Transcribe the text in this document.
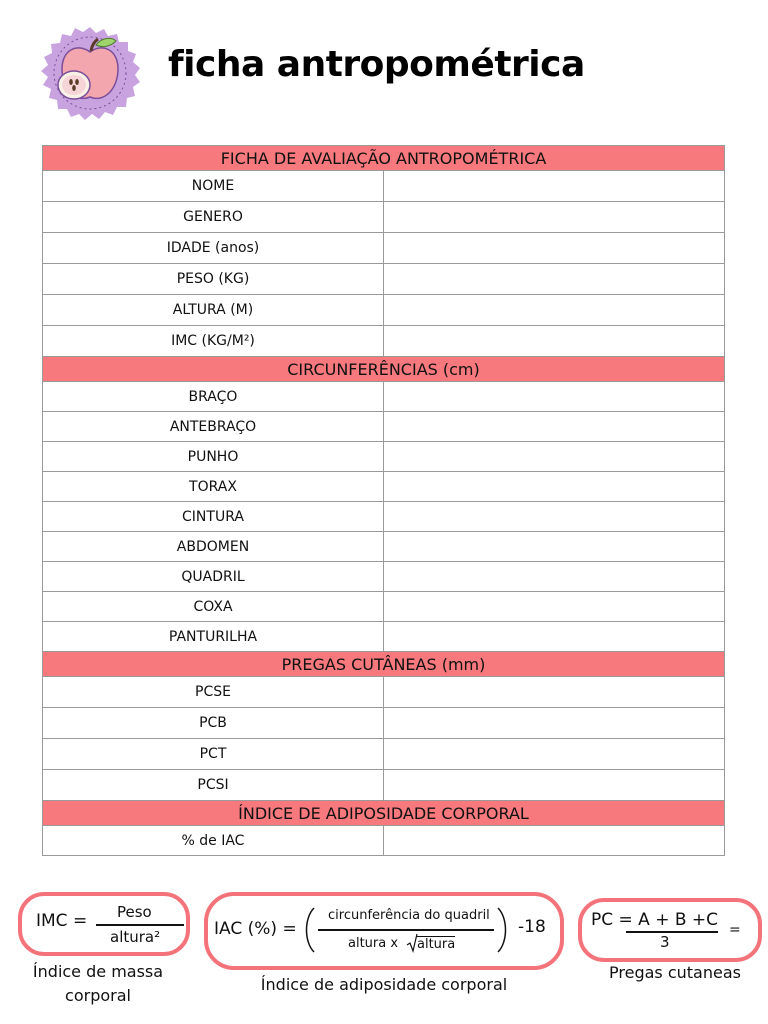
ficha antropométrica
FICHA DE AVALIAÇÃO ANTROPOMÉTRICA	
NOME	
GENERO	
IDADE (anos)	
PESO (KG)	
ALTURA (M)	
IMC (KG/M²)	
CIRCUNFERÊNCIAS (cm)	
BRAÇO	
ANTEBRAÇO	
PUNHO	
TORAX	
CINTURA	
ABDOMEN	
QUADRIL	
COXA	
PANTURILHA	
PREGAS CUTÂNEAS (mm)	
PCSE	
PCB	
PCT	
PCSI	
ÍNDICE DE ADIPOSIDADE CORPORAL	
% de IAC	
IMC = Peso
altura²
Índice de massa
corporal
IAC (%) =
circunferência do quadril
altura x altura
-18
Índice de adiposidade corporal
PC = A + B +C
3
=
Pregas cutaneas
